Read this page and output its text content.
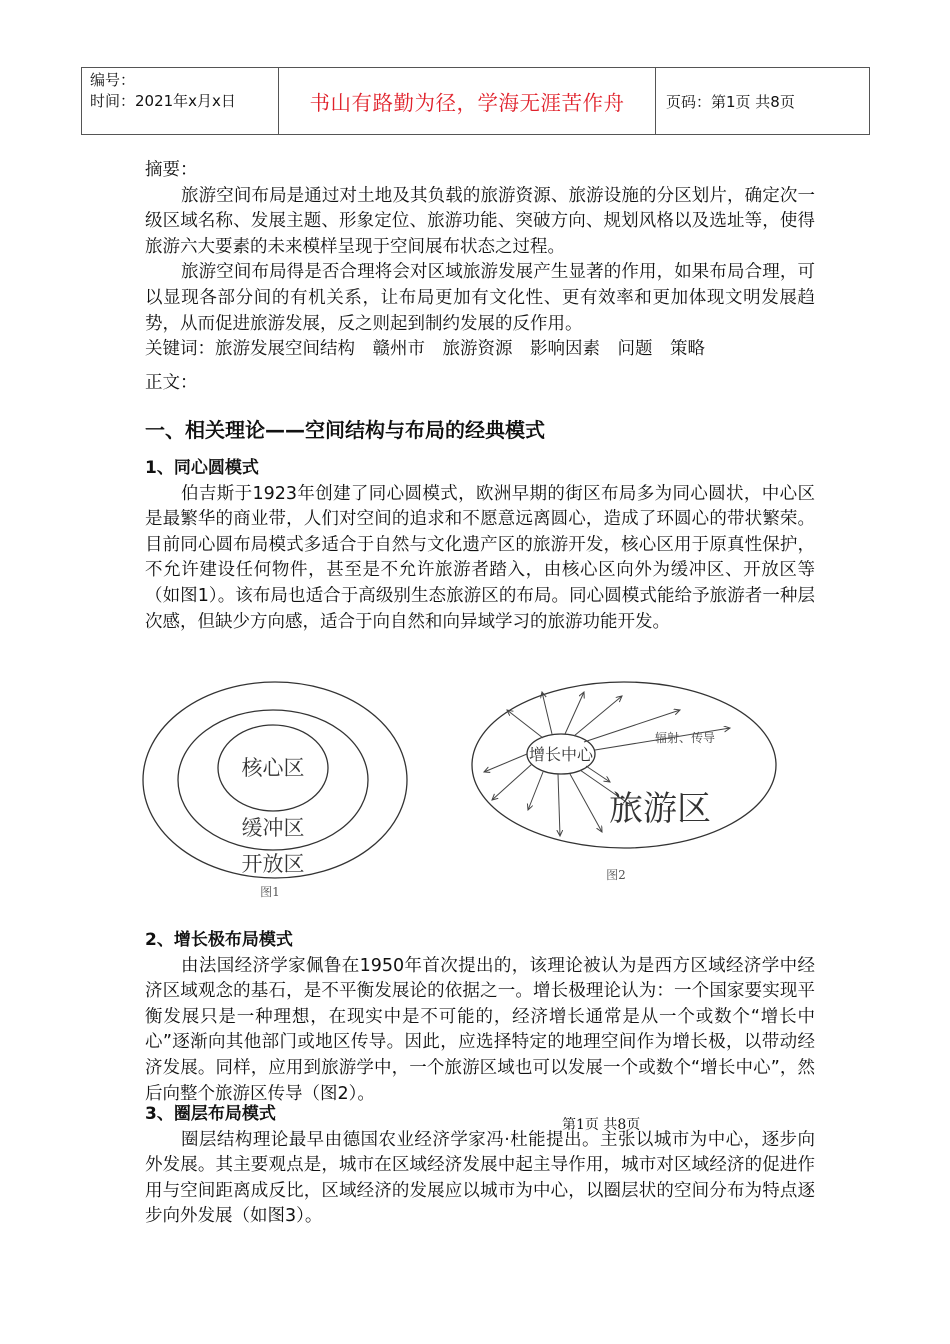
编号：
时间：2021年x月x日	书山有路勤为径，学海无涯苦作舟	页码：第1页 共8页

摘要：

旅游空间布局是通过对土地及其负载的旅游资源、旅游设施的分区划片，确定次一级区域名称、发展主题、形象定位、旅游功能、突破方向、规划风格以及选址等，使得旅游六大要素的未来模样呈现于空间展布状态之过程。

旅游空间布局得是否合理将会对区域旅游发展产生显著的作用，如果布局合理，可以显现各部分间的有机关系，让布局更加有文化性、更有效率和更加体现文明发展趋势，从而促进旅游发展，反之则起到制约发展的反作用。

关键词：旅游发展空间结构　赣州市　旅游资源　影响因素　问题　策略

正文：

一、相关理论——空间结构与布局的经典模式
1、同心圆模式

伯吉斯于1923年创建了同心圆模式，欧洲早期的街区布局多为同心圆状，中心区是最繁华的商业带，人们对空间的追求和不愿意远离圆心，造成了环圆心的带状繁荣。目前同心圆布局模式多适合于自然与文化遗产区的旅游开发，核心区用于原真性保护，不允许建设任何物件，甚至是不允许旅游者踏入，由核心区向外为缓冲区、开放区等（如图1）。该布局也适合于高级别生态旅游区的布局。同心圆模式能给予旅游者一种层次感，但缺少方向感，适合于向自然和向异域学习的旅游功能开发。

核心区
缓冲区
开放区
图1
增长中心
辐射、传导
旅游区
图2
2、增长极布局模式

由法国经济学家佩鲁在1950年首次提出的，该理论被认为是西方区域经济学中经济区域观念的基石，是不平衡发展论的依据之一。增长极理论认为：一个国家要实现平衡发展只是一种理想，在现实中是不可能的，经济增长通常是从一个或数个“增长中心”逐渐向其他部门或地区传导。因此，应选择特定的地理空间作为增长极，以带动经济发展。同样，应用到旅游学中，一个旅游区域也可以发展一个或数个“增长中心”，然后向整个旅游区传导（图2）。

3、圈层布局模式

圈层结构理论最早由德国农业经济学家冯·杜能提出。主张以城市为中心，逐步向外发展。其主要观点是，城市在区域经济发展中起主导作用，城市对区域经济的促进作用与空间距离成反比，区域经济的发展应以城市为中心，以圈层状的空间分布为特点逐步向外发展（如图3）。

第1页 共8页
